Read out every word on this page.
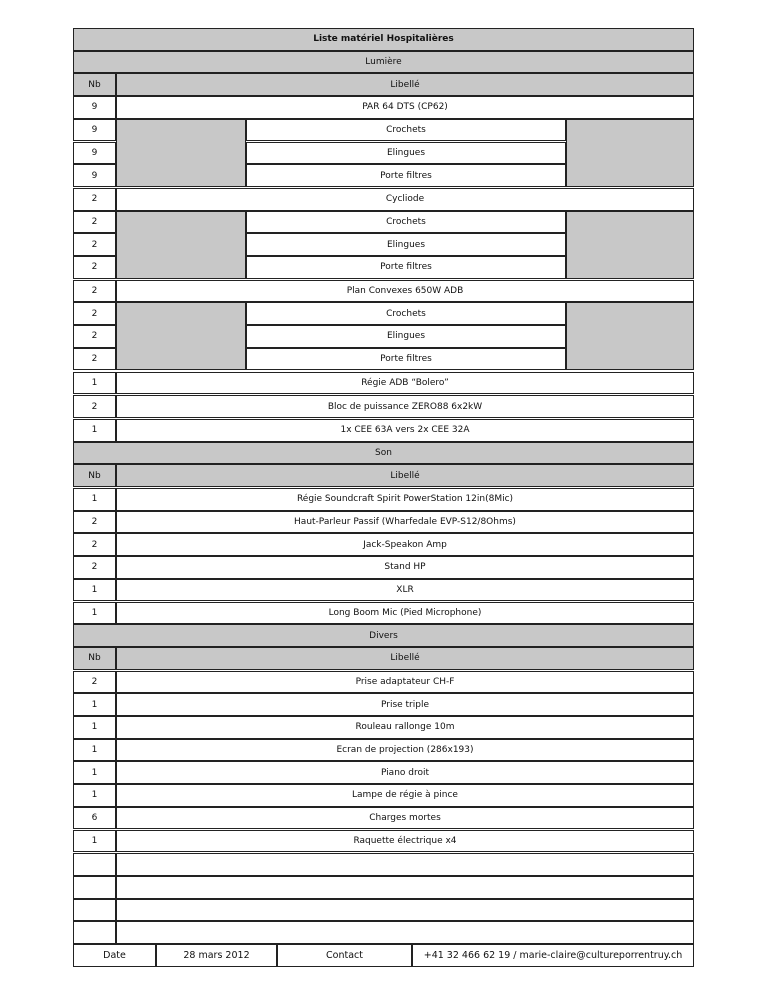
Liste matériel Hospitalières
Lumière
Nb	Libellé
9	PAR 64 DTS (CP62)
9	Crochets
9	Elingues
9	Porte filtres
2	Cycliode
2	Crochets
2	Elingues
2	Porte filtres
2	Plan Convexes 650W ADB
2	Crochets
2	Elingues
2	Porte filtres
1	Régie ADB “Bolero”
2	Bloc de puissance ZERO88 6x2kW
1	1x CEE 63A vers 2x CEE 32A
Son
Nb	Libellé
1	Régie Soundcraft Spirit PowerStation 12in(8Mic)
2	Haut-Parleur Passif (Wharfedale EVP-S12/8Ohms)
2	Jack-Speakon Amp
2	Stand HP
1	XLR
1	Long Boom Mic (Pied Microphone)
Divers
Nb	Libellé
2	Prise adaptateur CH-F
1	Prise triple
1	Rouleau rallonge 10m
1	Ecran de projection (286x193)
1	Piano droit
1	Lampe de régie à pince
6	Charges mortes
1	Raquette électrique x4
Date	28 mars 2012	Contact	+41 32 466 62 19 / marie-claire@cultureporrentruy.ch
